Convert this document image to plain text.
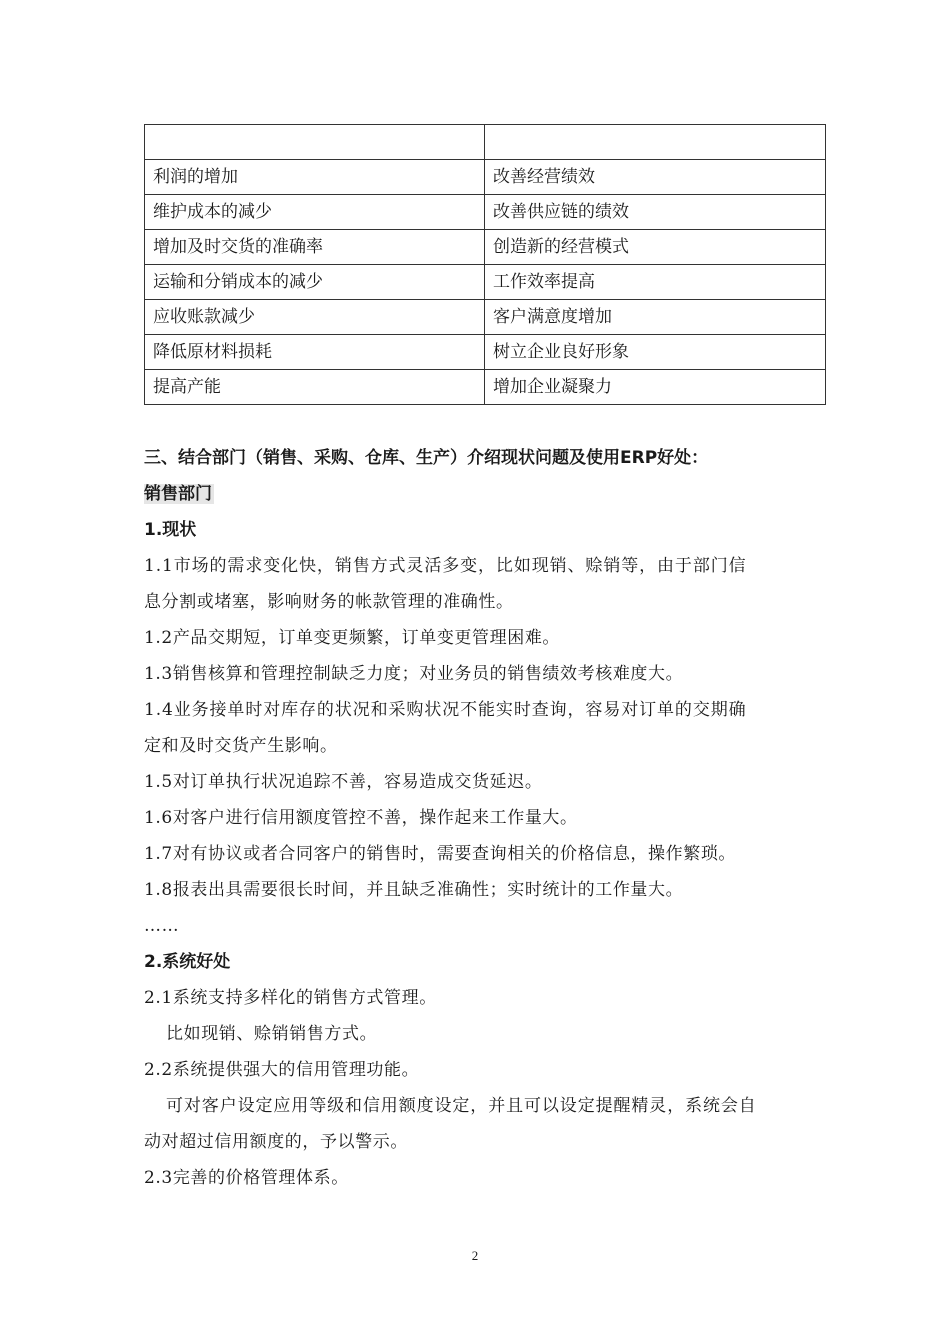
利润的增加	改善经营绩效
维护成本的减少	改善供应链的绩效
增加及时交货的准确率	创造新的经营模式
运输和分销成本的减少	工作效率提高
应收账款减少	客户满意度增加
降低原材料损耗	树立企业良好形象
提高产能	增加企业凝聚力
三、结合部门（销售、采购、仓库、生产）介绍现状问题及使用ERP好处：
销售部门
1.现状
1.1市场的需求变化快，销售方式灵活多变，比如现销、赊销等，由于部门信
息分割或堵塞，影响财务的帐款管理的准确性。
1.2产品交期短，订单变更频繁，订单变更管理困难。
1.3销售核算和管理控制缺乏力度；对业务员的销售绩效考核难度大。
1.4业务接单时对库存的状况和采购状况不能实时查询，容易对订单的交期确
定和及时交货产生影响。
1.5对订单执行状况追踪不善，容易造成交货延迟。
1.6对客户进行信用额度管控不善，操作起来工作量大。
1.7对有协议或者合同客户的销售时，需要查询相关的价格信息，操作繁琐。
1.8报表出具需要很长时间，并且缺乏准确性；实时统计的工作量大。
……
2.系统好处
2.1系统支持多样化的销售方式管理。
比如现销、赊销销售方式。
2.2系统提供强大的信用管理功能。
可对客户设定应用等级和信用额度设定，并且可以设定提醒精灵，系统会自
动对超过信用额度的，予以警示。
2.3完善的价格管理体系。
2
